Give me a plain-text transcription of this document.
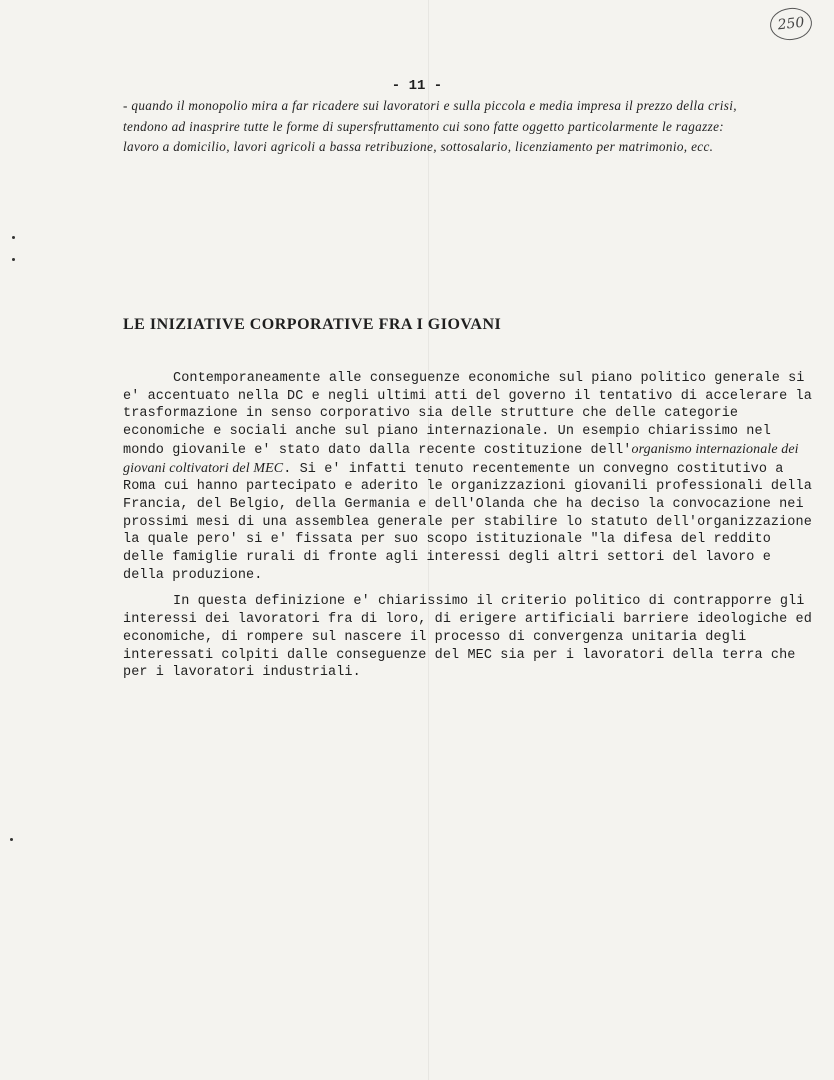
250
- 11 -

- quando il monopolio mira a far ricadere sui lavoratori e sulla piccola e media impresa il prezzo della crisi, tendono ad inasprire tutte le forme di supersfruttamento cui sono fatte oggetto particolarmente le ragazze: lavoro a domicilio, lavori agricoli a bassa retribuzione, sottosalario, licenziamento per matrimonio, ecc.

LE INIZIATIVE CORPORATIVE FRA I GIOVANI

Contemporaneamente alle conseguenze economiche sul piano politico generale si e' accentuato nella DC e negli ultimi atti del governo il tentativo di accelerare la trasformazione in senso corporativo sia delle strutture che delle categorie economiche e sociali anche sul piano internazionale. Un esempio chiarissimo nel mondo giovanile e' stato dato dalla recente costituzione dell'organismo internazionale dei giovani coltivatori del MEC. Si e' infatti tenuto recentemente un convegno costitutivo a Roma cui hanno partecipato e aderito le organizzazioni giovanili professionali della Francia, del Belgio, della Germania e dell'Olanda che ha deciso la convocazione nei prossimi mesi di una assemblea generale per stabilire lo statuto dell'organizzazione la quale pero' si e' fissata per suo scopo istituzionale "la difesa del reddito delle famiglie rurali di fronte agli interessi degli altri settori del lavoro e della produzione.

In questa definizione e' chiarissimo il criterio politico di contrapporre gli interessi dei lavoratori fra di loro, di erigere artificiali barriere ideologiche ed economiche, di rompere sul nascere il processo di convergenza unitaria degli interessati colpiti dalle conseguenze del MEC sia per i lavoratori della terra che per i lavoratori industriali.
